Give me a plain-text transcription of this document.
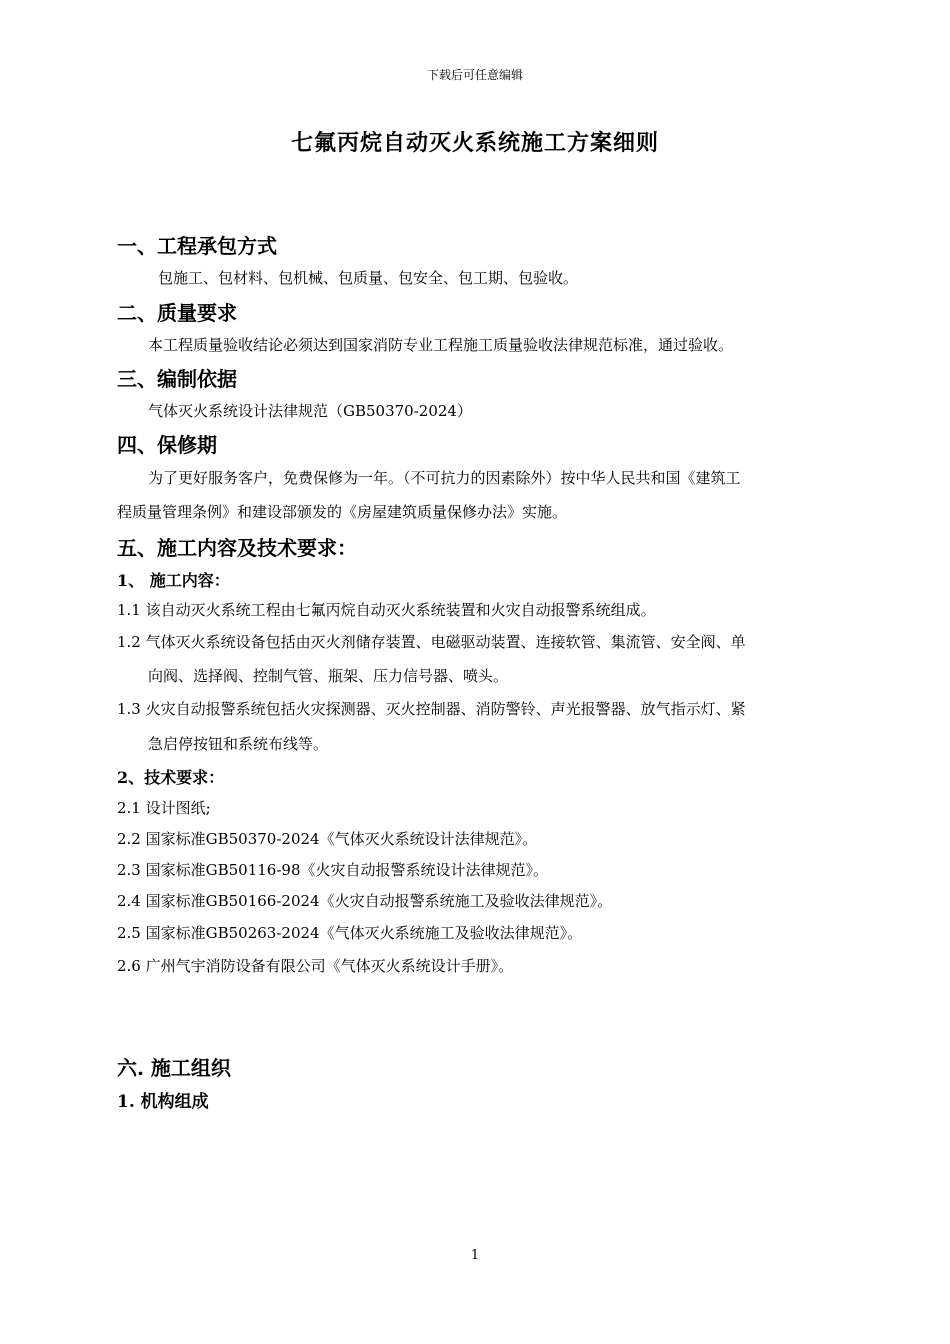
下载后可任意编辑
七氟丙烷自动灭火系统施工方案细则
一、工程承包方式
包施工、包材料、包机械、包质量、包安全、包工期、包验收。
二、质量要求
本工程质量验收结论必须达到国家消防专业工程施工质量验收法律规范标准，通过验收。
三、编制依据
气体灭火系统设计法律规范（GB50370-2024）
四、保修期
为了更好服务客户，免费保修为一年。（不可抗力的因素除外）按中华人民共和国《建筑工
程质量管理条例》和建设部颁发的《房屋建筑质量保修办法》实施。
五、施工内容及技术要求：
1、 施工内容：
1.1 该自动灭火系统工程由七氟丙烷自动灭火系统装置和火灾自动报警系统组成。
1.2 气体灭火系统设备包括由灭火剂储存装置、电磁驱动装置、连接软管、集流管、安全阀、单
向阀、选择阀、控制气管、瓶架、压力信号器、喷头。
1.3 火灾自动报警系统包括火灾探测器、灭火控制器、消防警铃、声光报警器、放气指示灯、紧
急启停按钮和系统布线等。
2、技术要求：
2.1 设计图纸;
2.2 国家标准GB50370-2024《气体灭火系统设计法律规范》。
2.3 国家标准GB50116-98《火灾自动报警系统设计法律规范》。
2.4 国家标准GB50166-2024《火灾自动报警系统施工及验收法律规范》。
2.5 国家标准GB50263-2024《气体灭火系统施工及验收法律规范》。
2.6 广州气宇消防设备有限公司《气体灭火系统设计手册》。
六. 施工组织
1. 机构组成
1
